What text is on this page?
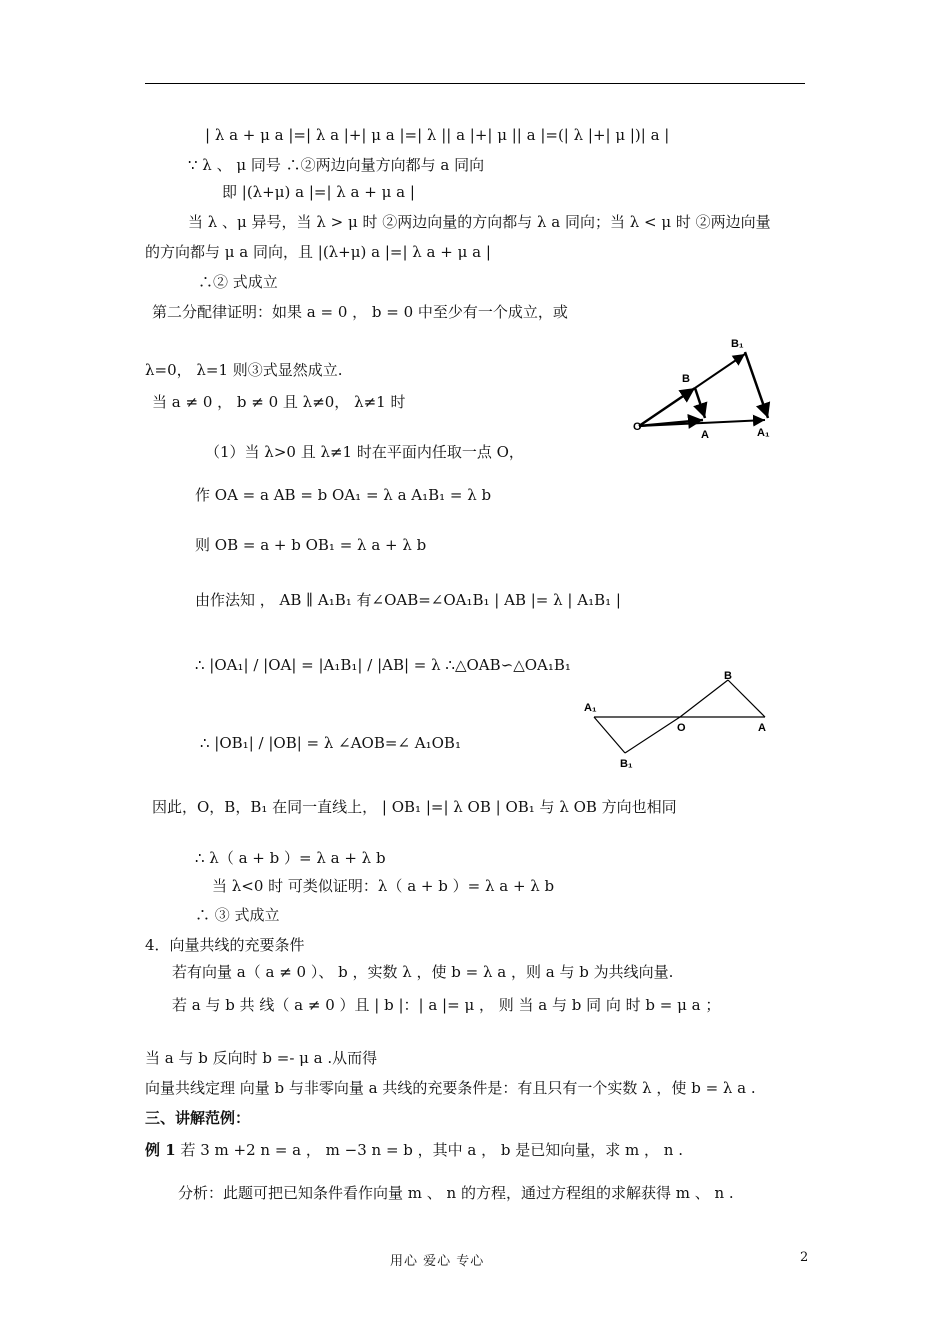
| λ a + μ a |=| λ a |+| μ a |=| λ || a |+| μ || a |=(| λ |+| μ |)| a |
∵ λ 、 μ 同号 ∴②两边向量方向都与 a 同向
即 |(λ+μ) a |=| λ a + μ a |
当 λ 、μ 异号，当 λ > μ 时 ②两边向量的方向都与 λ a 同向；当 λ < μ 时 ②两边向量
的方向都与 μ a 同向，且 |(λ+μ) a |=| λ a + μ a |
∴② 式成立
第二分配律证明：如果 a = 0 ， b = 0 中至少有一个成立，或
λ=0， λ=1 则③式显然成立.
当 a ≠ 0 ， b ≠ 0 且 λ≠0， λ≠1 时
O
A	A₁
B
B₁
（1）当 λ>0 且 λ≠1 时在平面内任取一点 O，
作 OA = a AB = b OA₁ = λ a A₁B₁ = λ b
则 OB = a + b OB₁ = λ a + λ b
由作法知 ， AB ∥ A₁B₁ 有∠OAB=∠OA₁B₁ | AB |= λ | A₁B₁ |
∴ |OA₁| / |OA| = |A₁B₁| / |AB| = λ ∴△OAB∽△OA₁B₁
A₁
O	A
B
B₁
∴ |OB₁| / |OB| = λ ∠AOB=∠ A₁OB₁
因此，O，B，B₁ 在同一直线上， | OB₁ |=| λ OB | OB₁ 与 λ OB 方向也相同
∴ λ（ a + b ）= λ a + λ b
当 λ<0 时 可类似证明：λ（ a + b ）= λ a + λ b
∴ ③ 式成立
4．向量共线的充要条件
若有向量 a（ a ≠ 0 ）、 b ，实数 λ ，使 b = λ a ，则 a 与 b 为共线向量.
若 a 与 b 共 线（ a ≠ 0 ）且 | b |：| a |= μ ， 则 当 a 与 b 同 向 时 b = μ a ；
当 a 与 b 反向时 b =- μ a .从而得
向量共线定理 向量 b 与非零向量 a 共线的充要条件是：有且只有一个实数 λ ，使 b = λ a .
三、讲解范例：
例 1 若 3 m +2 n = a ， m −3 n = b ，其中 a ， b 是已知向量，求 m ， n .
分析：此题可把已知条件看作向量 m 、 n 的方程，通过方程组的求解获得 m 、 n .
用心 爱心 专心	2
